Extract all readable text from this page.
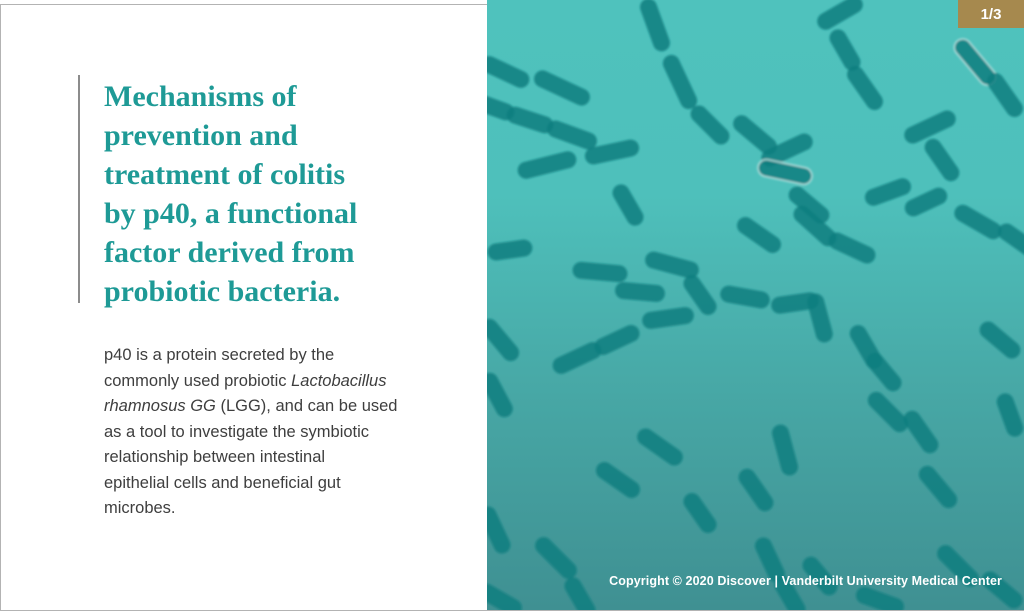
Mechanisms of
prevention and
treatment of colitis
by p40, a functional
factor derived from
probiotic bacteria.
p40 is a protein secreted by the
commonly used probiotic Lactobacillus
rhamnosus GG (LGG), and can be used
as a tool to investigate the symbiotic
relationship between intestinal
epithelial cells and beneficial gut
microbes.
1/3
Copyright © 2020 Discover | Vanderbilt University Medical Center
